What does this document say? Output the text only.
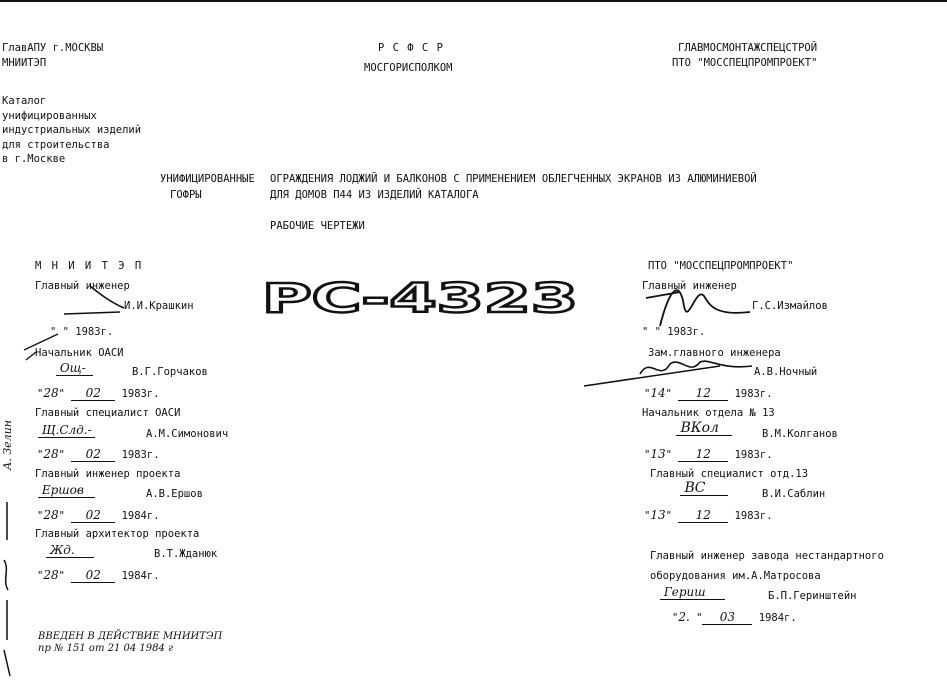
ГлавАПУ г.МОСКВЫ
МНИИТЭП
Р С Ф С Р
МОСГОРИСПОЛКОМ
ГЛАВМОСМОНТАЖСПЕЦСТРОЙ
ПТО "МОССПЕЦПРОМПРОЕКТ"
Каталог
унифицированных
индустриальных изделий
для строительства
в г.Москве
УНИФИЦИРОВАННЫЕ
ГОФРЫ
ОГРАЖДЕНИЯ ЛОДЖИЙ И БАЛКОНОВ С ПРИМЕНЕНИЕМ ОБЛЕГЧЕННЫХ ЭКРАНОВ ИЗ АЛЮМИНИЕВОЙ
ДЛЯ ДОМОВ П44 ИЗ ИЗДЕЛИЙ КАТАЛОГА
РАБОЧИЕ ЧЕРТЕЖИ
РС-4323
М Н И И Т Э П
Главный инженер
И.И.Крашкин
" " 1983г.
Начальник ОАСИ
Ощ-	В.Г.Горчаков
"28" 02 1983г.
Главный специалист ОАСИ
Щ.Слд.-	А.М.Симонович
"28" 02 1983г.
Главный инженер проекта
Ершов	А.В.Ершов
"28" 02 1984г.
Главный архитектор проекта
Жд.	В.Т.Жданюк
"28" 02 1984г.
ВВЕДЕН В ДЕЙСТВИЕ МНИИТЭП
пр № 151 от 21 04 1984 г
А. Зелин
ПТО "МОССПЕЦПРОМПРОЕКТ"
Главный инженер
Г.С.Измайлов
" " 1983г.
Зам.главного инженера
А.В.Ночный
"14" 12 1983г.
Начальник отдела № 13
ВКол	В.М.Колганов
"13" 12 1983г.
Главный специалист отд.13
ВС	В.И.Саблин
"13" 12 1983г.
Главный инженер завода нестандартного
оборудования им.А.Матросова
Гериш	Б.П.Геринштейн
"2. " 03 1984г.
